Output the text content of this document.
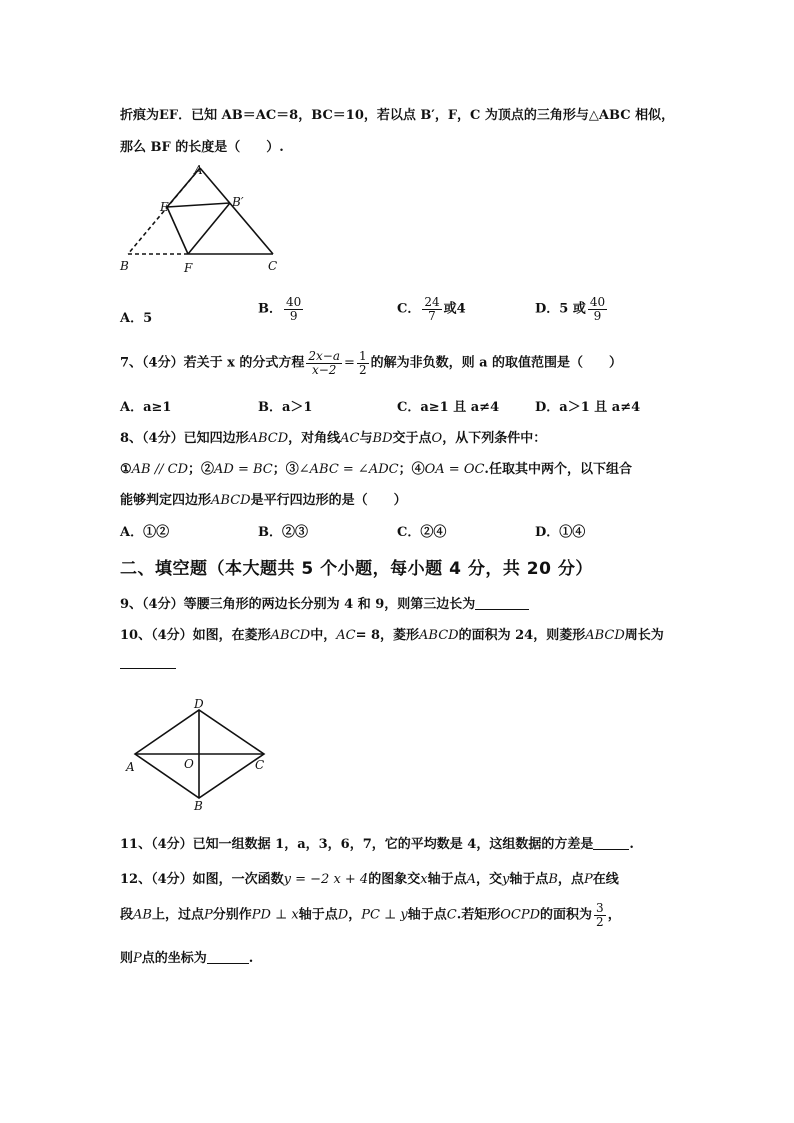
折痕为EF．已知 AB＝AC＝8，BC＝10，若以点 B′，F，C 为顶点的三角形与△ABC 相似，
那么 BF 的长度是（　　）.
A
E	B′
B	F	C
A．5
B． $\frac{40}{9}$	C． $\frac{24}{7}$ 或4	D．5 或 $\frac{40}{9}$
7、（4分）若关于 x 的分式方程 $\frac{2x-a}{x-2} = \frac{1}{2}$ 的解为非负数，则 a 的取值范围是（　　）
A．a≥1	B．a＞1	C．a≥1 且 a≠4	D．a＞1 且 a≠4
8、（4分）已知四边形ABCD，对角线AC与BD交于点O，从下列条件中：
①AB // CD；②AD = BC；③∠ABC = ∠ADC；④OA = OC.任取其中两个，以下组合
能够判定四边形ABCD是平行四边形的是（　　）
A．①②	B．②③	C．②④	D．①④
二、填空题（本大题共 5 个小题，每小题 4 分，共 20 分）
9、（4分）等腰三角形的两边长分别为 4 和 9，则第三边长为
10、（4分）如图，在菱形ABCD中，AC= 8，菱形ABCD的面积为 24，则菱形ABCD周长为
D
A	O	C
B
11、（4分）已知一组数据 1，a，3，6，7，它的平均数是 4，这组数据的方差是	.
12、（4分）如图，一次函数y = −2 x + 4的图象交x轴于点A，交y轴于点B，点P在线
段AB上，过点P分别作PD ⊥ x轴于点D，PC ⊥ y轴于点C.若矩形OCPD的面积为 $\frac{3}{2}$ ，
则P点的坐标为	.
